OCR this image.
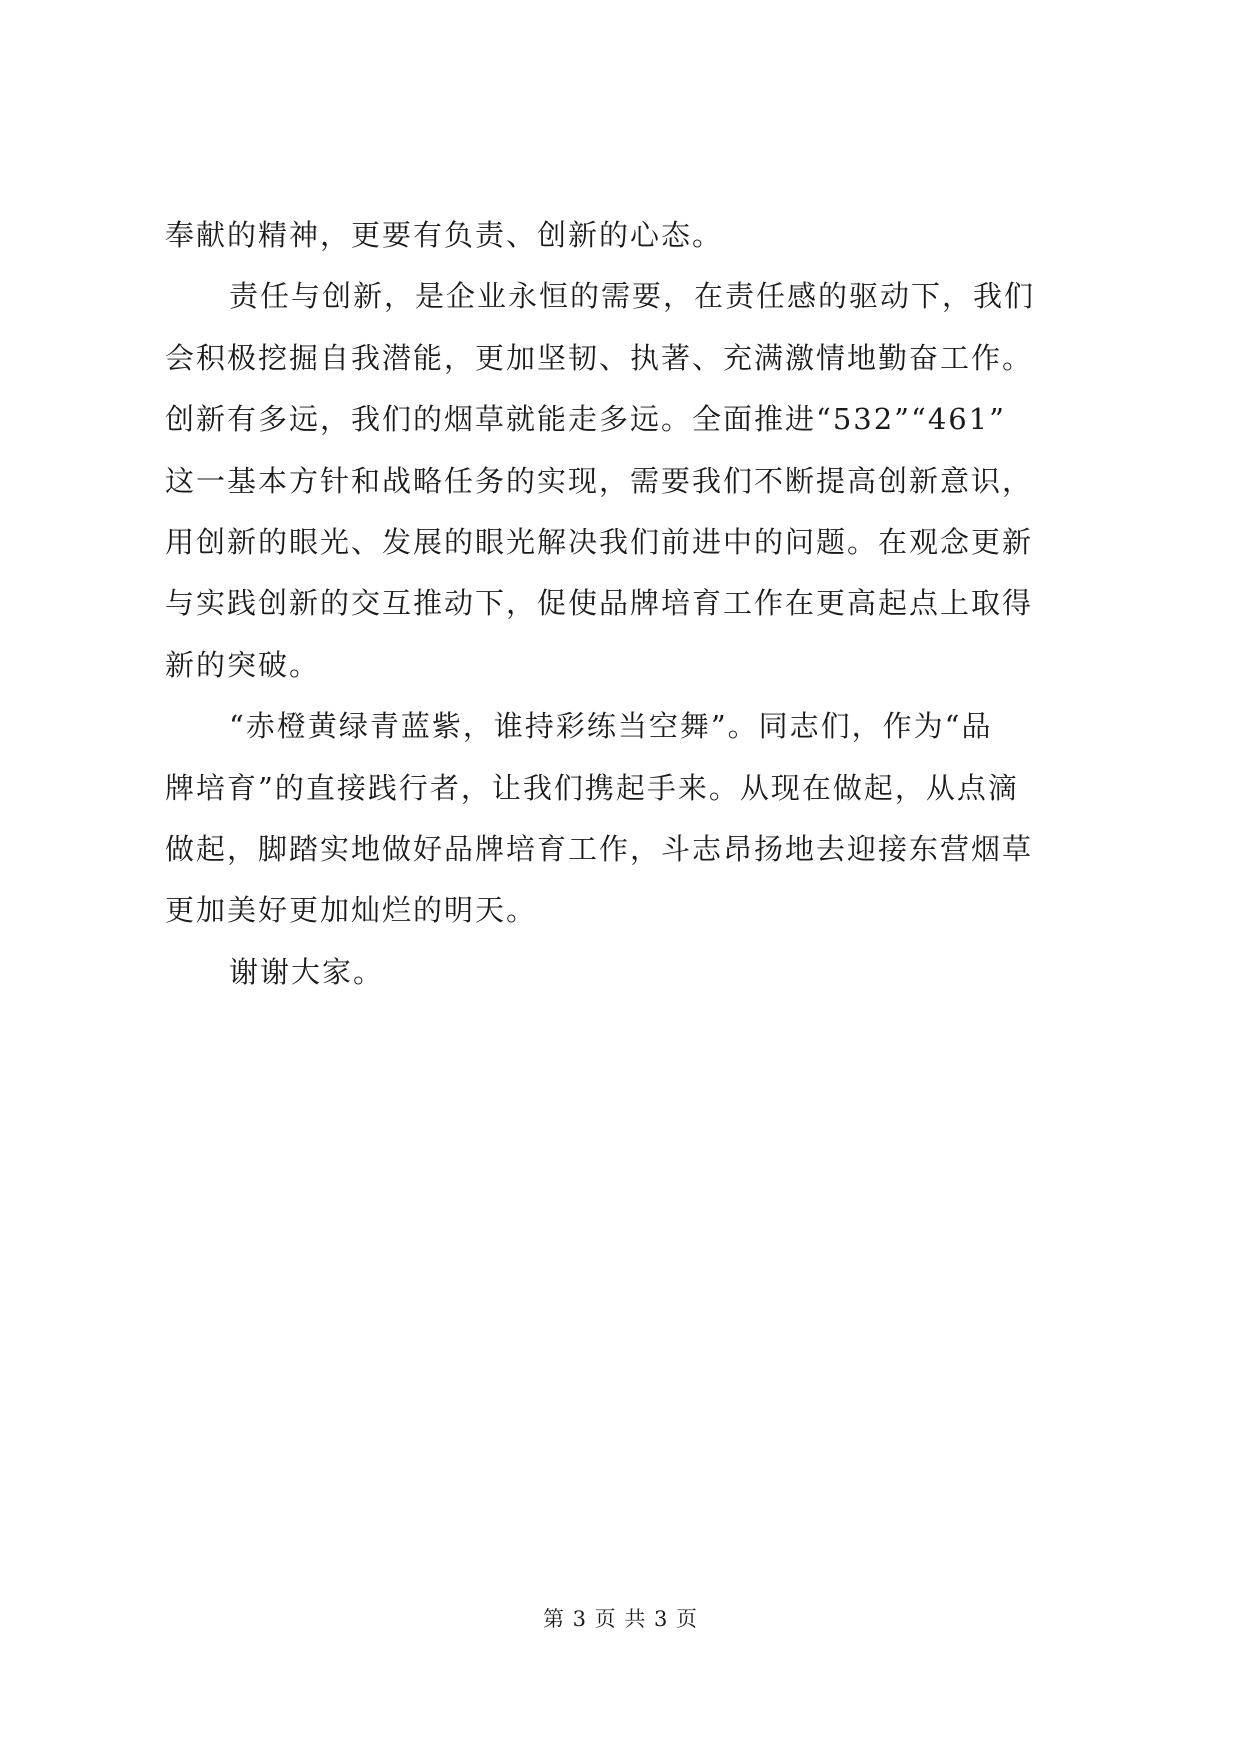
奉献的精神，更要有负责、创新的心态。
责任与创新，是企业永恒的需要，在责任感的驱动下，我们
会积极挖掘自我潜能，更加坚韧、执著、充满激情地勤奋工作。
创新有多远，我们的烟草就能走多远。全面推进“532”“461”
这一基本方针和战略任务的实现，需要我们不断提高创新意识，
用创新的眼光、发展的眼光解决我们前进中的问题。在观念更新
与实践创新的交互推动下，促使品牌培育工作在更高起点上取得
新的突破。
“赤橙黄绿青蓝紫，谁持彩练当空舞”。同志们，作为“品
牌培育”的直接践行者，让我们携起手来。从现在做起，从点滴
做起，脚踏实地做好品牌培育工作，斗志昂扬地去迎接东营烟草
更加美好更加灿烂的明天。
谢谢大家。
第 3 页 共 3 页
